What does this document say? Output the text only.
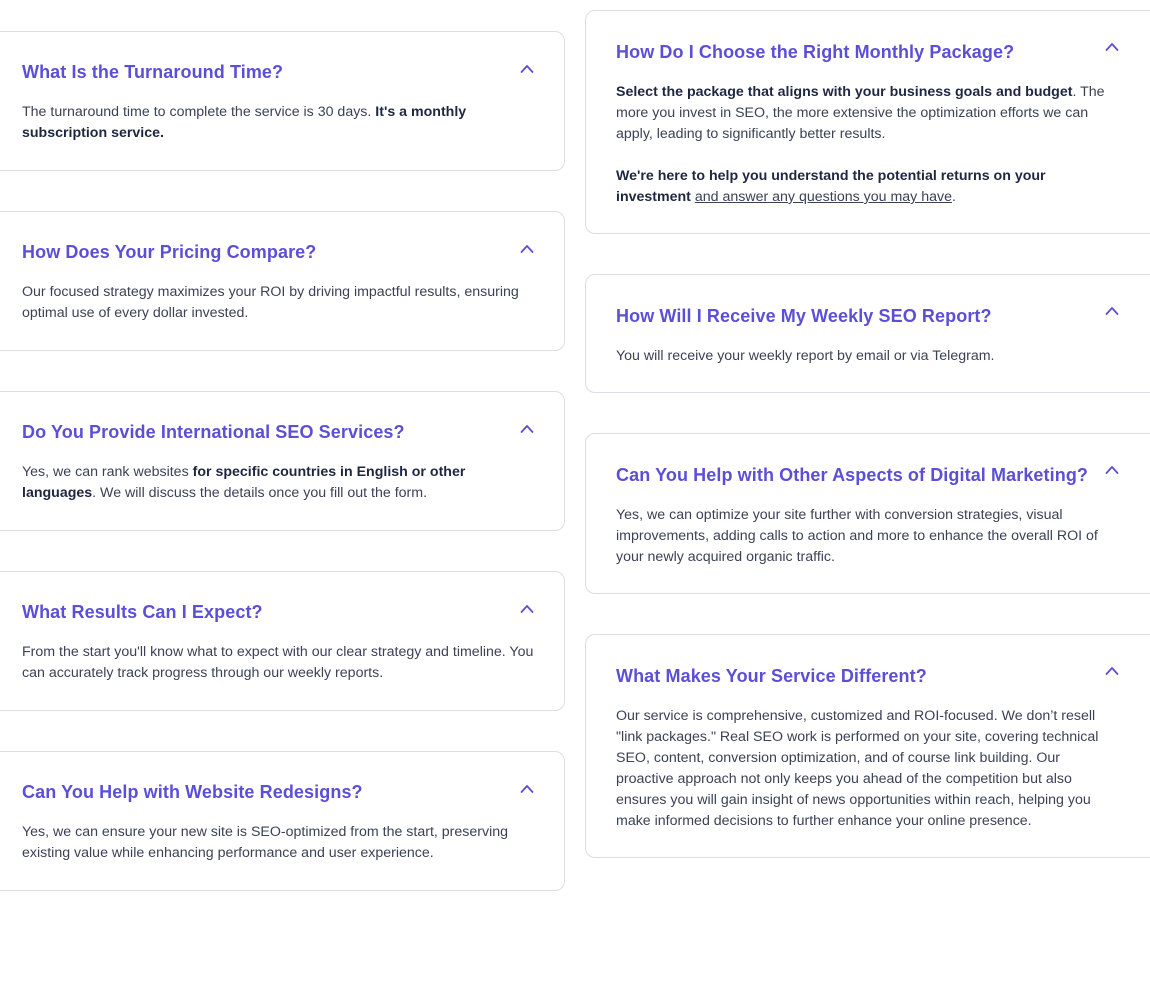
What Is the Turnaround Time?

The turnaround time to complete the service is 30 days. It's a monthly subscription service.

How Does Your Pricing Compare?

Our focused strategy maximizes your ROI by driving impactful results, ensuring optimal use of every dollar invested.

Do You Provide International SEO Services?

Yes, we can rank websites for specific countries in English or other languages. We will discuss the details once you fill out the form.

What Results Can I Expect?

From the start you'll know what to expect with our clear strategy and timeline. You can accurately track progress through our weekly reports.

Can You Help with Website Redesigns?

Yes, we can ensure your new site is SEO-optimized from the start, preserving existing value while enhancing performance and user experience.

How Do I Choose the Right Monthly Package?

Select the package that aligns with your business goals and budget. The more you invest in SEO, the more extensive the optimization efforts we can apply, leading to significantly better results.

We're here to help you understand the potential returns on your investment and answer any questions you may have.

How Will I Receive My Weekly SEO Report?

You will receive your weekly report by email or via Telegram.

Can You Help with Other Aspects of Digital Marketing?

Yes, we can optimize your site further with conversion strategies, visual improvements, adding calls to action and more to enhance the overall ROI of your newly acquired organic traffic.

What Makes Your Service Different?

Our service is comprehensive, customized and ROI-focused. We don’t resell "link packages." Real SEO work is performed on your site, covering technical SEO, content, conversion optimization, and of course link building. Our proactive approach not only keeps you ahead of the competition but also ensures you will gain insight of news opportunities within reach, helping you make informed decisions to further enhance your online presence.
